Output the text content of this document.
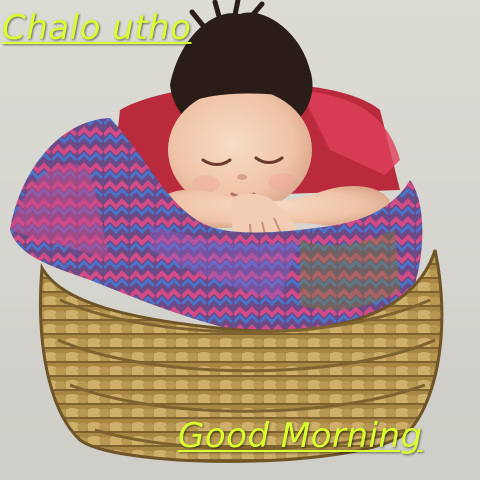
Chalo utho
Good Morning
